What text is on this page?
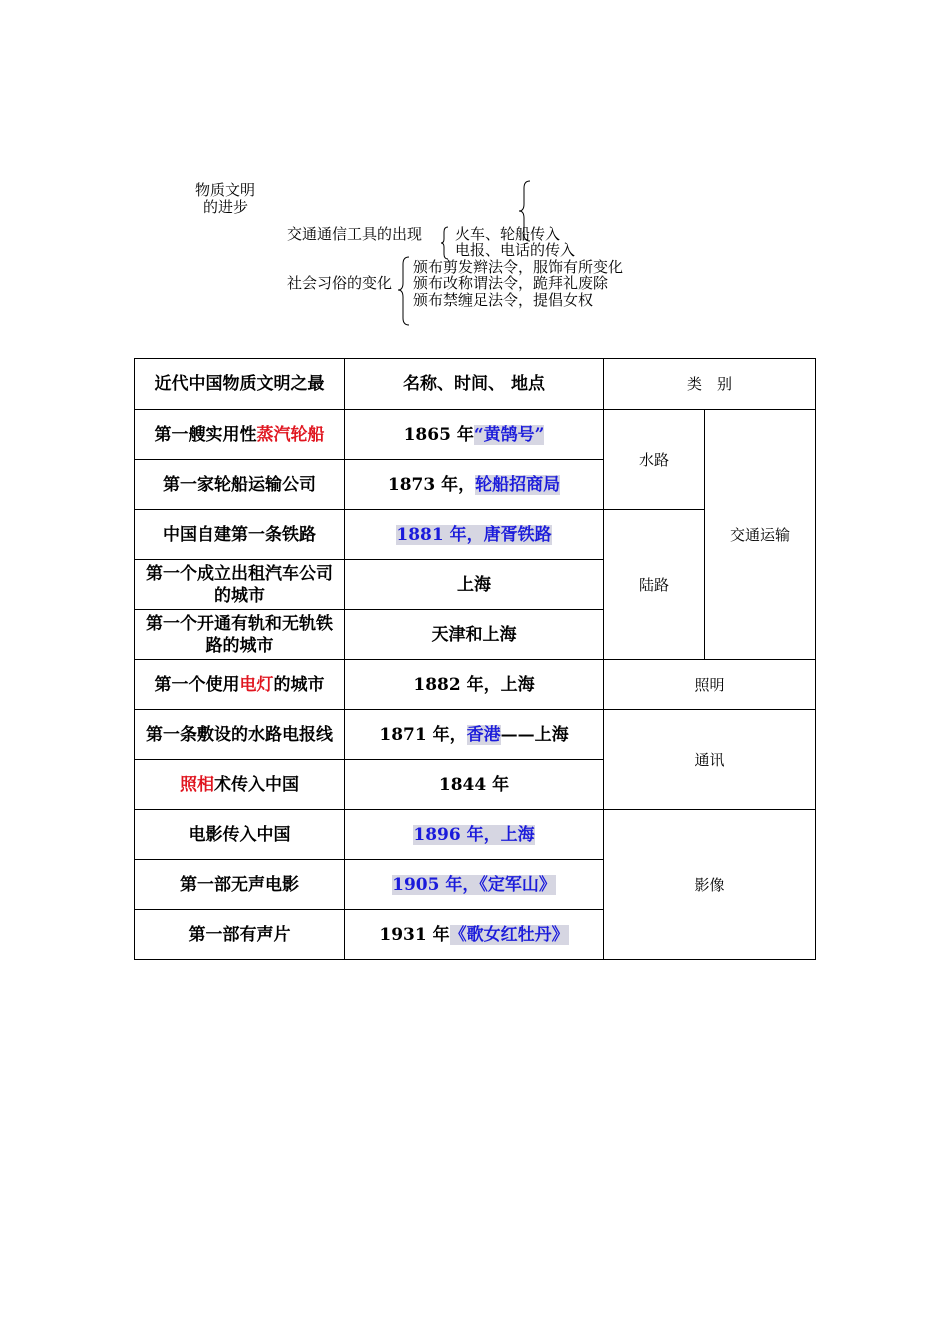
物质文明
的进步
交通通信工具的出现 火车、轮船传入
电报、电话的传入
社会习俗的变化
颁布剪发辫法令，服饰有所变化
颁布改称谓法令，跪拜礼废除
颁布禁缠足法令，提倡女权
近代中国物质文明之最	名称、时间、 地点	类　别	
第一艘实用性蒸汽轮船	1865 年“黄鹄号”	水路	交通运输
第一家轮船运输公司	1873 年，轮船招商局		
中国自建第一条铁路	1881 年，唐胥铁路	陆路	
第一个成立出租汽车公司的城市	上海		
第一个开通有轨和无轨铁路的城市	天津和上海		
第一个使用电灯的城市	1882 年，上海	照明	
第一条敷设的水路电报线	1871 年，香港——上海	通讯	
照相术传入中国	1844 年		
电影传入中国	1896 年，上海	影像	
第一部无声电影	1905 年，《定军山》		
第一部有声片	1931 年《歌女红牡丹》		
